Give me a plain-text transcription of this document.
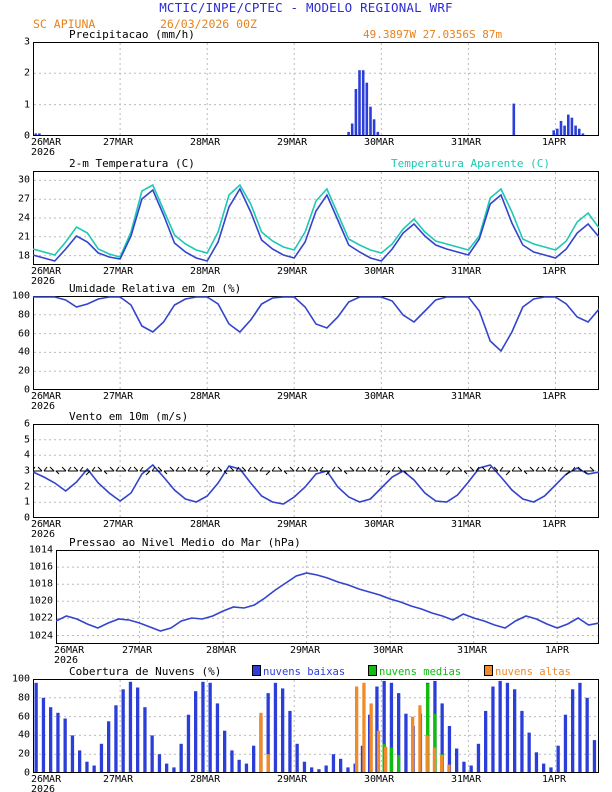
MCTIC/INPE/CPTEC - MODELO REGIONAL WRF
SC APIUNA	26/03/2026 00Z
Precipitacao (mm/h)	49.3897W 27.0356S 87m
3
2
1
0
26MAR	27MAR	28MAR	29MAR	30MAR	31MAR	1APR
2026
2-m Temperatura (C)	Temperatura Aparente (C)
30
27
24
21
18
26MAR	27MAR	28MAR	29MAR	30MAR	31MAR	1APR
2026
Umidade Relativa em 2m (%)
100
80
60
40
20
0
26MAR	27MAR	28MAR	29MAR	30MAR	31MAR	1APR
2026
Vento em 10m (m/s)
6
5
4
3
2
1
0
26MAR	27MAR	28MAR	29MAR	30MAR	31MAR	1APR
2026
Pressao ao Nivel Medio do Mar (hPa)
1014
1016
1018
1020
1022
1024
26MAR	27MAR	28MAR	29MAR	30MAR	31MAR	1APR
2026
Cobertura de Nuvens (%)	nuvens baixas	nuvens medias	nuvens altas
100
80
60
40
20
0
26MAR	27MAR	28MAR	29MAR	30MAR	31MAR	1APR
2026
